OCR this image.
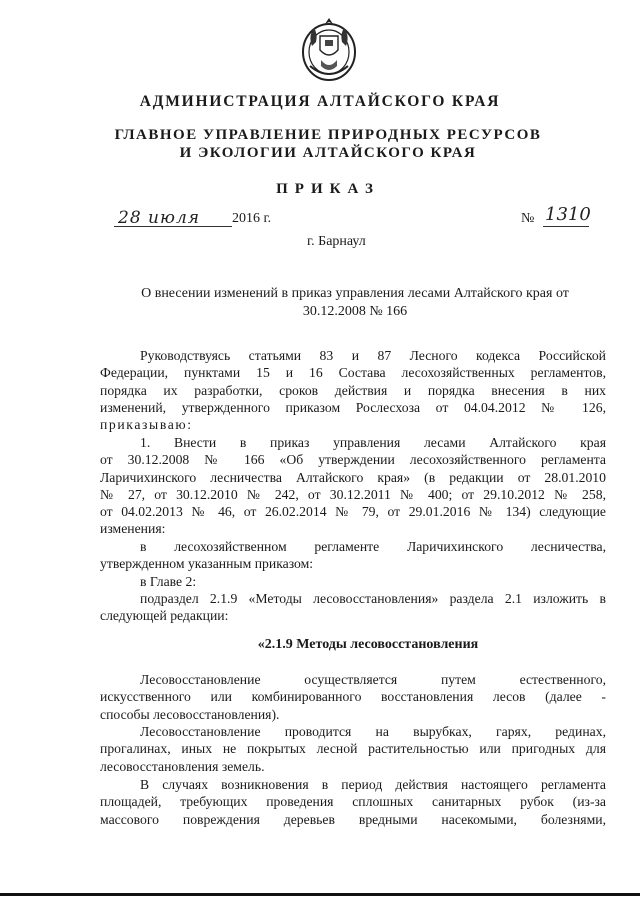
АДМИНИСТРАЦИЯ АЛТАЙСКОГО КРАЯ
ГЛАВНОЕ УПРАВЛЕНИЕ ПРИРОДНЫХ РЕСУРСОВ
И ЭКОЛОГИИ АЛТАЙСКОГО КРАЯ
ПРИКАЗ
28 июля 2016 г.	№ 1310
г. Барнаул
О внесении изменений в приказ управления лесами Алтайского края от
30.12.2008 № 166
Руководствуясь статьями 83 и 87 Лесного кодекса Российской
Федерации, пунктами 15 и 16 Состава лесохозяйственных регламентов,
порядка их разработки, сроков действия и порядка внесения в них
изменений, утвержденного приказом Рослесхоза от 04.04.2012 № 126,
приказываю:
1. Внести в приказ управления лесами Алтайского края
от 30.12.2008 № 166 «Об утверждении лесохозяйственного регламента
Ларичихинского лесничества Алтайского края» (в редакции от 28.01.2010
№ 27, от 30.12.2010 № 242, от 30.12.2011 № 400; от 29.10.2012 № 258,
от 04.02.2013 № 46, от 26.02.2014 № 79, от 29.01.2016 № 134) следующие
изменения:
в лесохозяйственном регламенте Ларичихинского лесничества,
утвержденном указанным приказом:
в Главе 2:
подраздел 2.1.9 «Методы лесовосстановления» раздела 2.1 изложить в
следующей редакции:
«2.1.9 Методы лесовосстановления
Лесовосстановление осуществляется путем естественного,
искусственного или комбинированного восстановления лесов (далее -
способы лесовосстановления).
Лесовосстановление проводится на вырубках, гарях, рединах,
прогалинах, иных не покрытых лесной растительностью или пригодных для
лесовосстановления земель.
В случаях возникновения в период действия настоящего регламента
площадей, требующих проведения сплошных санитарных рубок (из-за
массового повреждения деревьев вредными насекомыми, болезнями,
